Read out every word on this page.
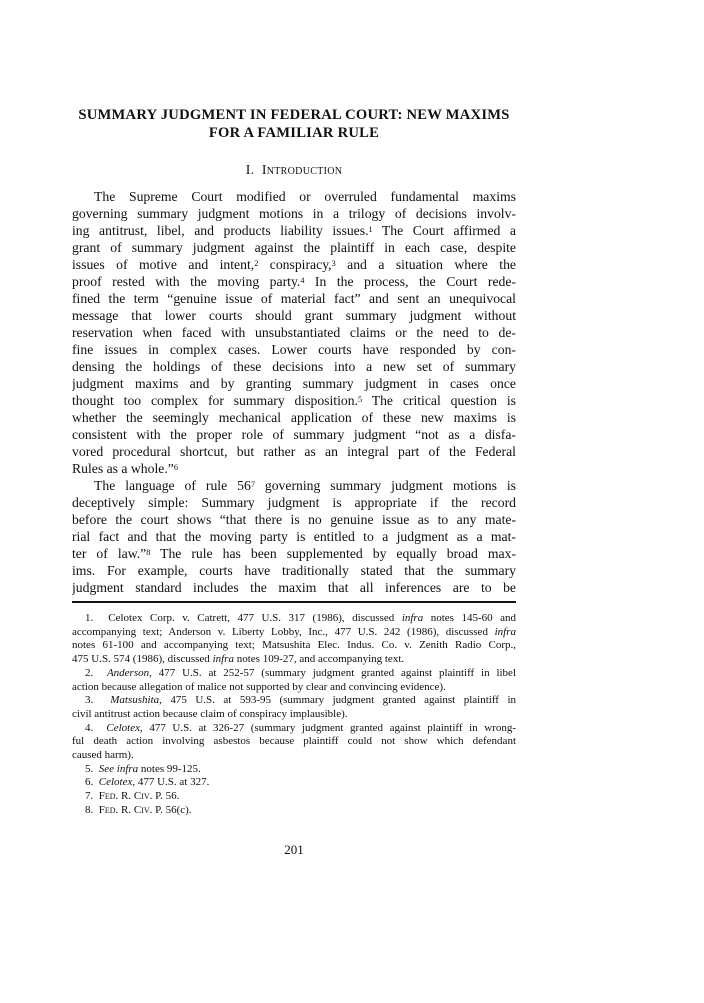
SUMMARY JUDGMENT IN FEDERAL COURT: NEW MAXIMS
FOR A FAMILIAR RULE
I.  Introduction
The Supreme Court modified or overruled fundamental maxims
governing summary judgment motions in a trilogy of decisions involv-
ing antitrust, libel, and products liability issues.$^1$ The Court affirmed a
grant of summary judgment against the plaintiff in each case, despite
issues of motive and intent,$^2$ conspiracy,$^3$ and a situation where the
proof rested with the moving party.$^4$ In the process, the Court rede-
fined the term “genuine issue of material fact” and sent an unequivocal
message that lower courts should grant summary judgment without
reservation when faced with unsubstantiated claims or the need to de-
fine issues in complex cases. Lower courts have responded by con-
densing the holdings of these decisions into a new set of summary
judgment maxims and by granting summary judgment in cases once
thought too complex for summary disposition.$^5$ The critical question is
whether the seemingly mechanical application of these new maxims is
consistent with the proper role of summary judgment “not as a disfa-
vored procedural shortcut, but rather as an integral part of the Federal
Rules as a whole.”$^6$
The language of rule $56^7$ governing summary judgment motions is
deceptively simple: Summary judgment is appropriate if the record
before the court shows “that there is no genuine issue as to any mate-
rial fact and that the moving party is entitled to a judgment as a mat-
ter of law.”$^8$ The rule has been supplemented by equally broad max-
ims. For example, courts have traditionally stated that the summary
judgment standard includes the maxim that all inferences are to be
1.  Celotex Corp. v. Catrett, 477 U.S. 317 (1986), discussed infra notes 145-60 and
accompanying text; Anderson v. Liberty Lobby, Inc., 477 U.S. 242 (1986), discussed infra
notes 61-100 and accompanying text; Matsushita Elec. Indus. Co. v. Zenith Radio Corp.,
475 U.S. 574 (1986), discussed infra notes 109-27, and accompanying text.
2.  Anderson, 477 U.S. at 252-57 (summary judgment granted against plaintiff in libel
action because allegation of malice not supported by clear and convincing evidence).
3.  Matsushita, 475 U.S. at 593-95 (summary judgment granted against plaintiff in
civil antitrust action because claim of conspiracy implausible).
4.  Celotex, 477 U.S. at 326-27 (summary judgment granted against plaintiff in wrong-
ful death action involving asbestos because plaintiff could not show which defendant
caused harm).
5.  See infra notes 99-125.
6.  Celotex, 477 U.S. at 327.
7.  Fed. R. Civ. P. 56.
8.  Fed. R. Civ. P. 56(c).
201
